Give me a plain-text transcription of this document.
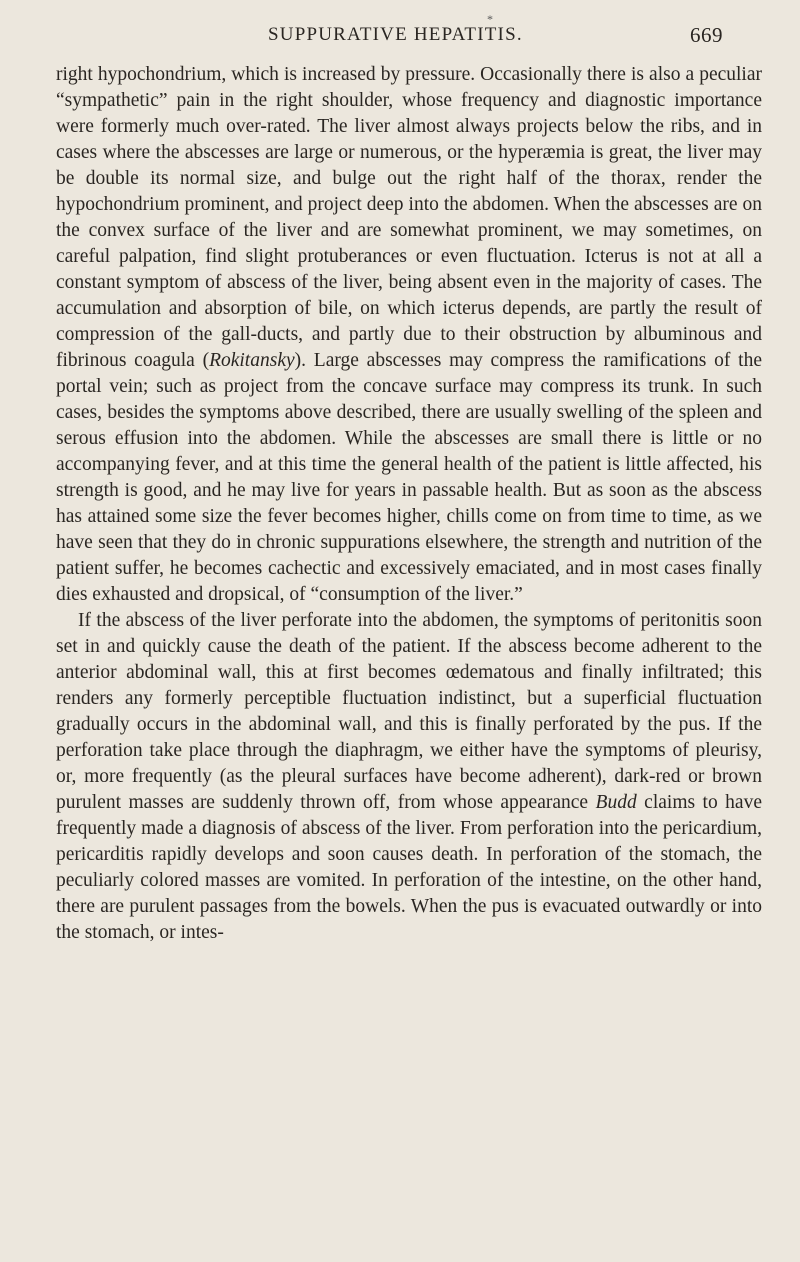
*
SUPPURATIVE HEPATITIS.	669

right hypochondrium, which is increased by pressure. Occasionally there is also a peculiar “sympathetic” pain in the right shoulder, whose frequency and diagnostic importance were formerly much over-rated. The liver almost always projects below the ribs, and in cases where the abscesses are large or numerous, or the hyperæmia is great, the liver may be double its normal size, and bulge out the right half of the thorax, render the hypochondrium prominent, and project deep into the abdomen. When the abscesses are on the convex surface of the liver and are somewhat prominent, we may sometimes, on careful palpation, find slight protuberances or even fluctuation. Icterus is not at all a constant symptom of abscess of the liver, being absent even in the majority of cases. The accumulation and absorption of bile, on which icterus depends, are partly the result of compression of the gall-ducts, and partly due to their obstruction by albuminous and fibrinous coagula (Rokitansky). Large abscesses may compress the ramifications of the portal vein; such as project from the concave surface may compress its trunk. In such cases, besides the symptoms above described, there are usually swelling of the spleen and serous effusion into the abdomen. While the abscesses are small there is little or no accompanying fever, and at this time the general health of the patient is little affected, his strength is good, and he may live for years in passable health. But as soon as the abscess has attained some size the fever becomes higher, chills come on from time to time, as we have seen that they do in chronic suppurations elsewhere, the strength and nutrition of the patient suffer, he becomes cachectic and excessively emaciated, and in most cases finally dies exhausted and dropsical, of “consumption of the liver.”

If the abscess of the liver perforate into the abdomen, the symptoms of peritonitis soon set in and quickly cause the death of the patient. If the abscess become adherent to the anterior abdominal wall, this at first becomes œdematous and finally infiltrated; this renders any formerly perceptible fluctuation indistinct, but a superficial fluctuation gradually occurs in the abdominal wall, and this is finally perforated by the pus. If the perforation take place through the diaphragm, we either have the symptoms of pleurisy, or, more frequently (as the pleural surfaces have become adherent), dark-red or brown purulent masses are suddenly thrown off, from whose appearance Budd claims to have frequently made a diagnosis of abscess of the liver. From perforation into the pericardium, pericarditis rapidly develops and soon causes death. In perforation of the stomach, the peculiarly colored masses are vomited. In perforation of the intestine, on the other hand, there are purulent passages from the bowels. When the pus is evacuated outwardly or into the stomach, or intes-
